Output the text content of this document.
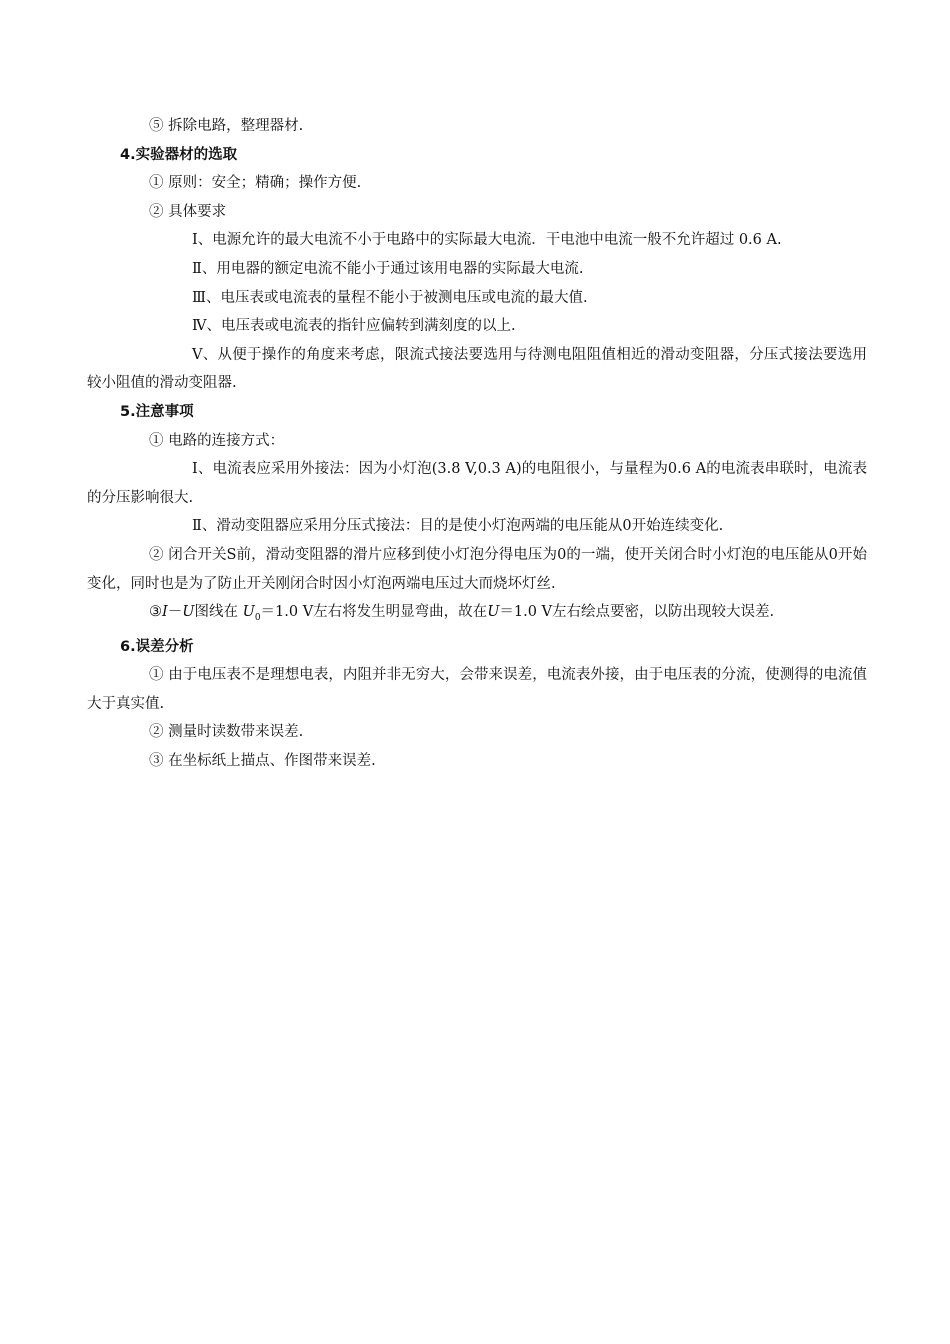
⑤ 拆除电路，整理器材.
4.实验器材的选取
① 原则：安全；精确；操作方便.
② 具体要求
Ⅰ、电源允许的最大电流不小于电路中的实际最大电流．干电池中电流一般不允许超过 0.6 A.
Ⅱ、用电器的额定电流不能小于通过该用电器的实际最大电流.
Ⅲ、电压表或电流表的量程不能小于被测电压或电流的最大值.
Ⅳ、电压表或电流表的指针应偏转到满刻度的以上.
Ⅴ、从便于操作的角度来考虑，限流式接法要选用与待测电阻阻值相近的滑动变阻器，分压式接法要选用较小阻值的滑动变阻器.
5.注意事项
① 电路的连接方式：
Ⅰ、电流表应采用外接法：因为小灯泡(3.8 V,0.3 A)的电阻很小，与量程为0.6 A的电流表串联时，电流表的分压影响很大.
Ⅱ、滑动变阻器应采用分压式接法：目的是使小灯泡两端的电压能从0开始连续变化.
② 闭合开关S前，滑动变阻器的滑片应移到使小灯泡分得电压为0的一端，使开关闭合时小灯泡的电压能从0开始变化，同时也是为了防止开关刚闭合时因小灯泡两端电压过大而烧坏灯丝.
③I－U图线在 $U_0=1.0$ V左右将发生明显弯曲，故在U＝1.0 V左右绘点要密，以防出现较大误差.
6.误差分析
① 由于电压表不是理想电表，内阻并非无穷大，会带来误差，电流表外接，由于电压表的分流，使测得的电流值大于真实值.
② 测量时读数带来误差.
③ 在坐标纸上描点、作图带来误差.
